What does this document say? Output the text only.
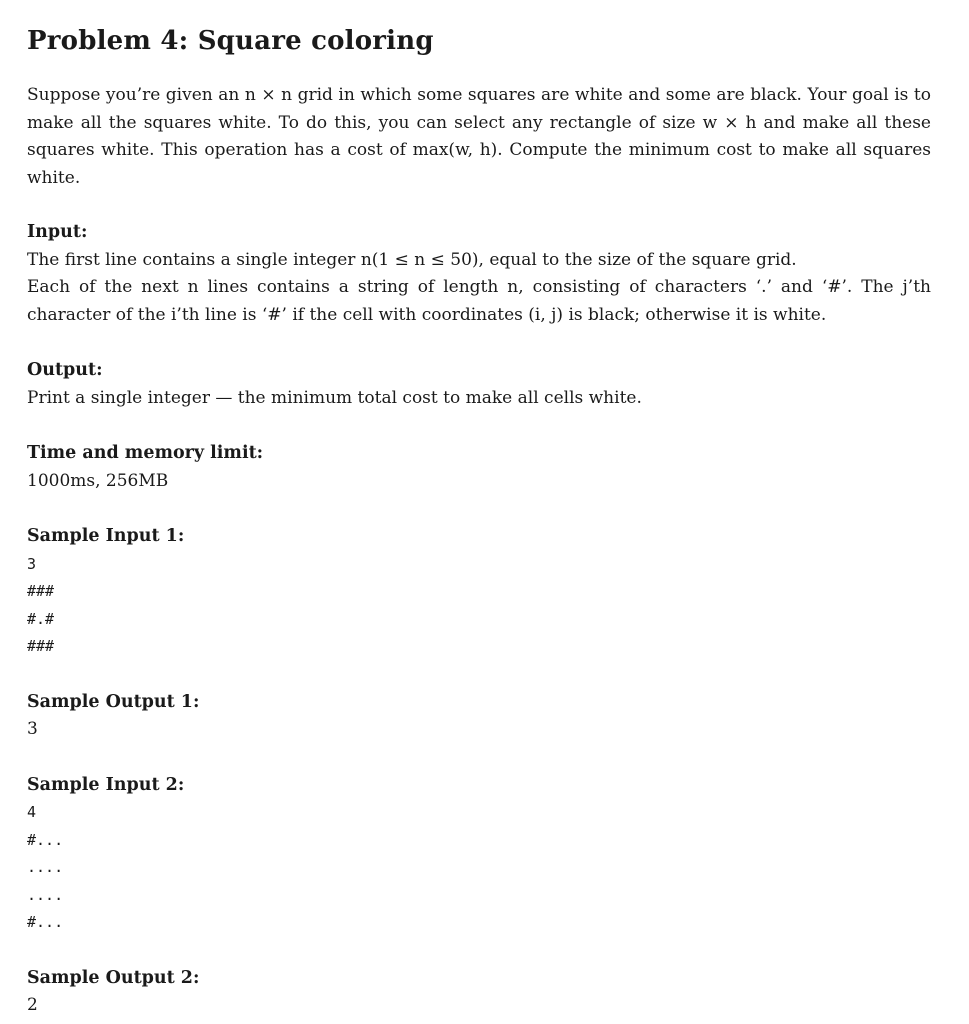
Problem 4: Square coloring

Suppose you’re given an n × n grid in which some squares are white and some are black. Your goal is to make all the squares white. To do this, you can select any rectangle of size w × h and make all these squares white. This operation has a cost of max(w, h). Compute the minimum cost to make all squares white.

Input:

The first line contains a single integer n(1 ≤ n ≤ 50), equal to the size of the square grid.

Each of the next n lines contains a string of length n, consisting of characters ‘.’ and ‘#’. The j’th character of the i’th line is ‘#’ if the cell with coordinates (i, j) is black; otherwise it is white.

Output:

Print a single integer — the minimum total cost to make all cells white.

Time and memory limit:

1000ms, 256MB

Sample Input 1:

3

###

#.#

###

Sample Output 1:

3

Sample Input 2:

4

#...

....

....

#...

Sample Output 2:

2
